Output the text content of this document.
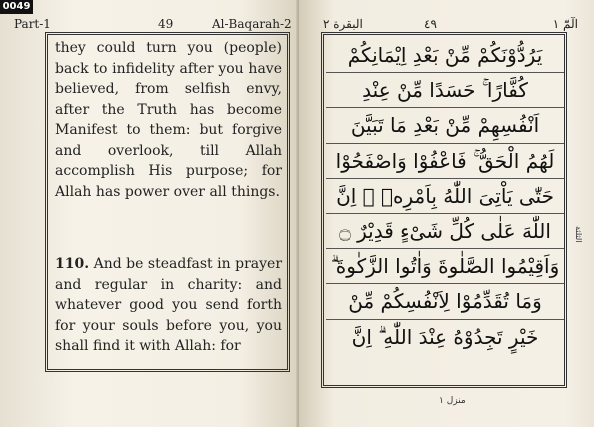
0049
Part-1	49	Al-Baqarah-2

they could turn you (people) back to infidelity after you have believed, from selfish envy, after the Truth has become Manifest to them: but forgive and overlook, till Allah accomplish His purpose; for Allah has power over all things.

110. And be steadfast in prayer and regular in charity: and whatever good you send forth for your souls before you, you shall find it with Allah: for

الٓمّٓ ١
٤٩
البقرة ٢
يَرُدُّوْنَكُمْ مِّنْ بَعْدِ اِيْمَانِكُمْ
كُفَّارًا ۚ حَسَدًا مِّنْ عِنْدِ
اَنْفُسِهِمْ مِّنْ بَعْدِ مَا تَبَيَّنَ
لَهُمُ الْحَقُّ ۚ فَاعْفُوْا وَاصْفَحُوْا
حَتّٰى يَاْتِىَ اللّٰهُ بِاَمْرِهٖ ۗ اِنَّ
اللّٰهَ عَلٰى كُلِّ شَىْءٍ قَدِيْرٌ ۝
وَاَقِيْمُوا الصَّلٰوةَ وَاٰتُوا الزَّكٰوةَ ۗ
وَمَا تُقَدِّمُوْا لِاَنْفُسِكُمْ مِّنْ
خَيْرٍ تَجِدُوْهُ عِنْدَ اللّٰهِ ۗ اِنَّ
الثلثة
منزل ١
